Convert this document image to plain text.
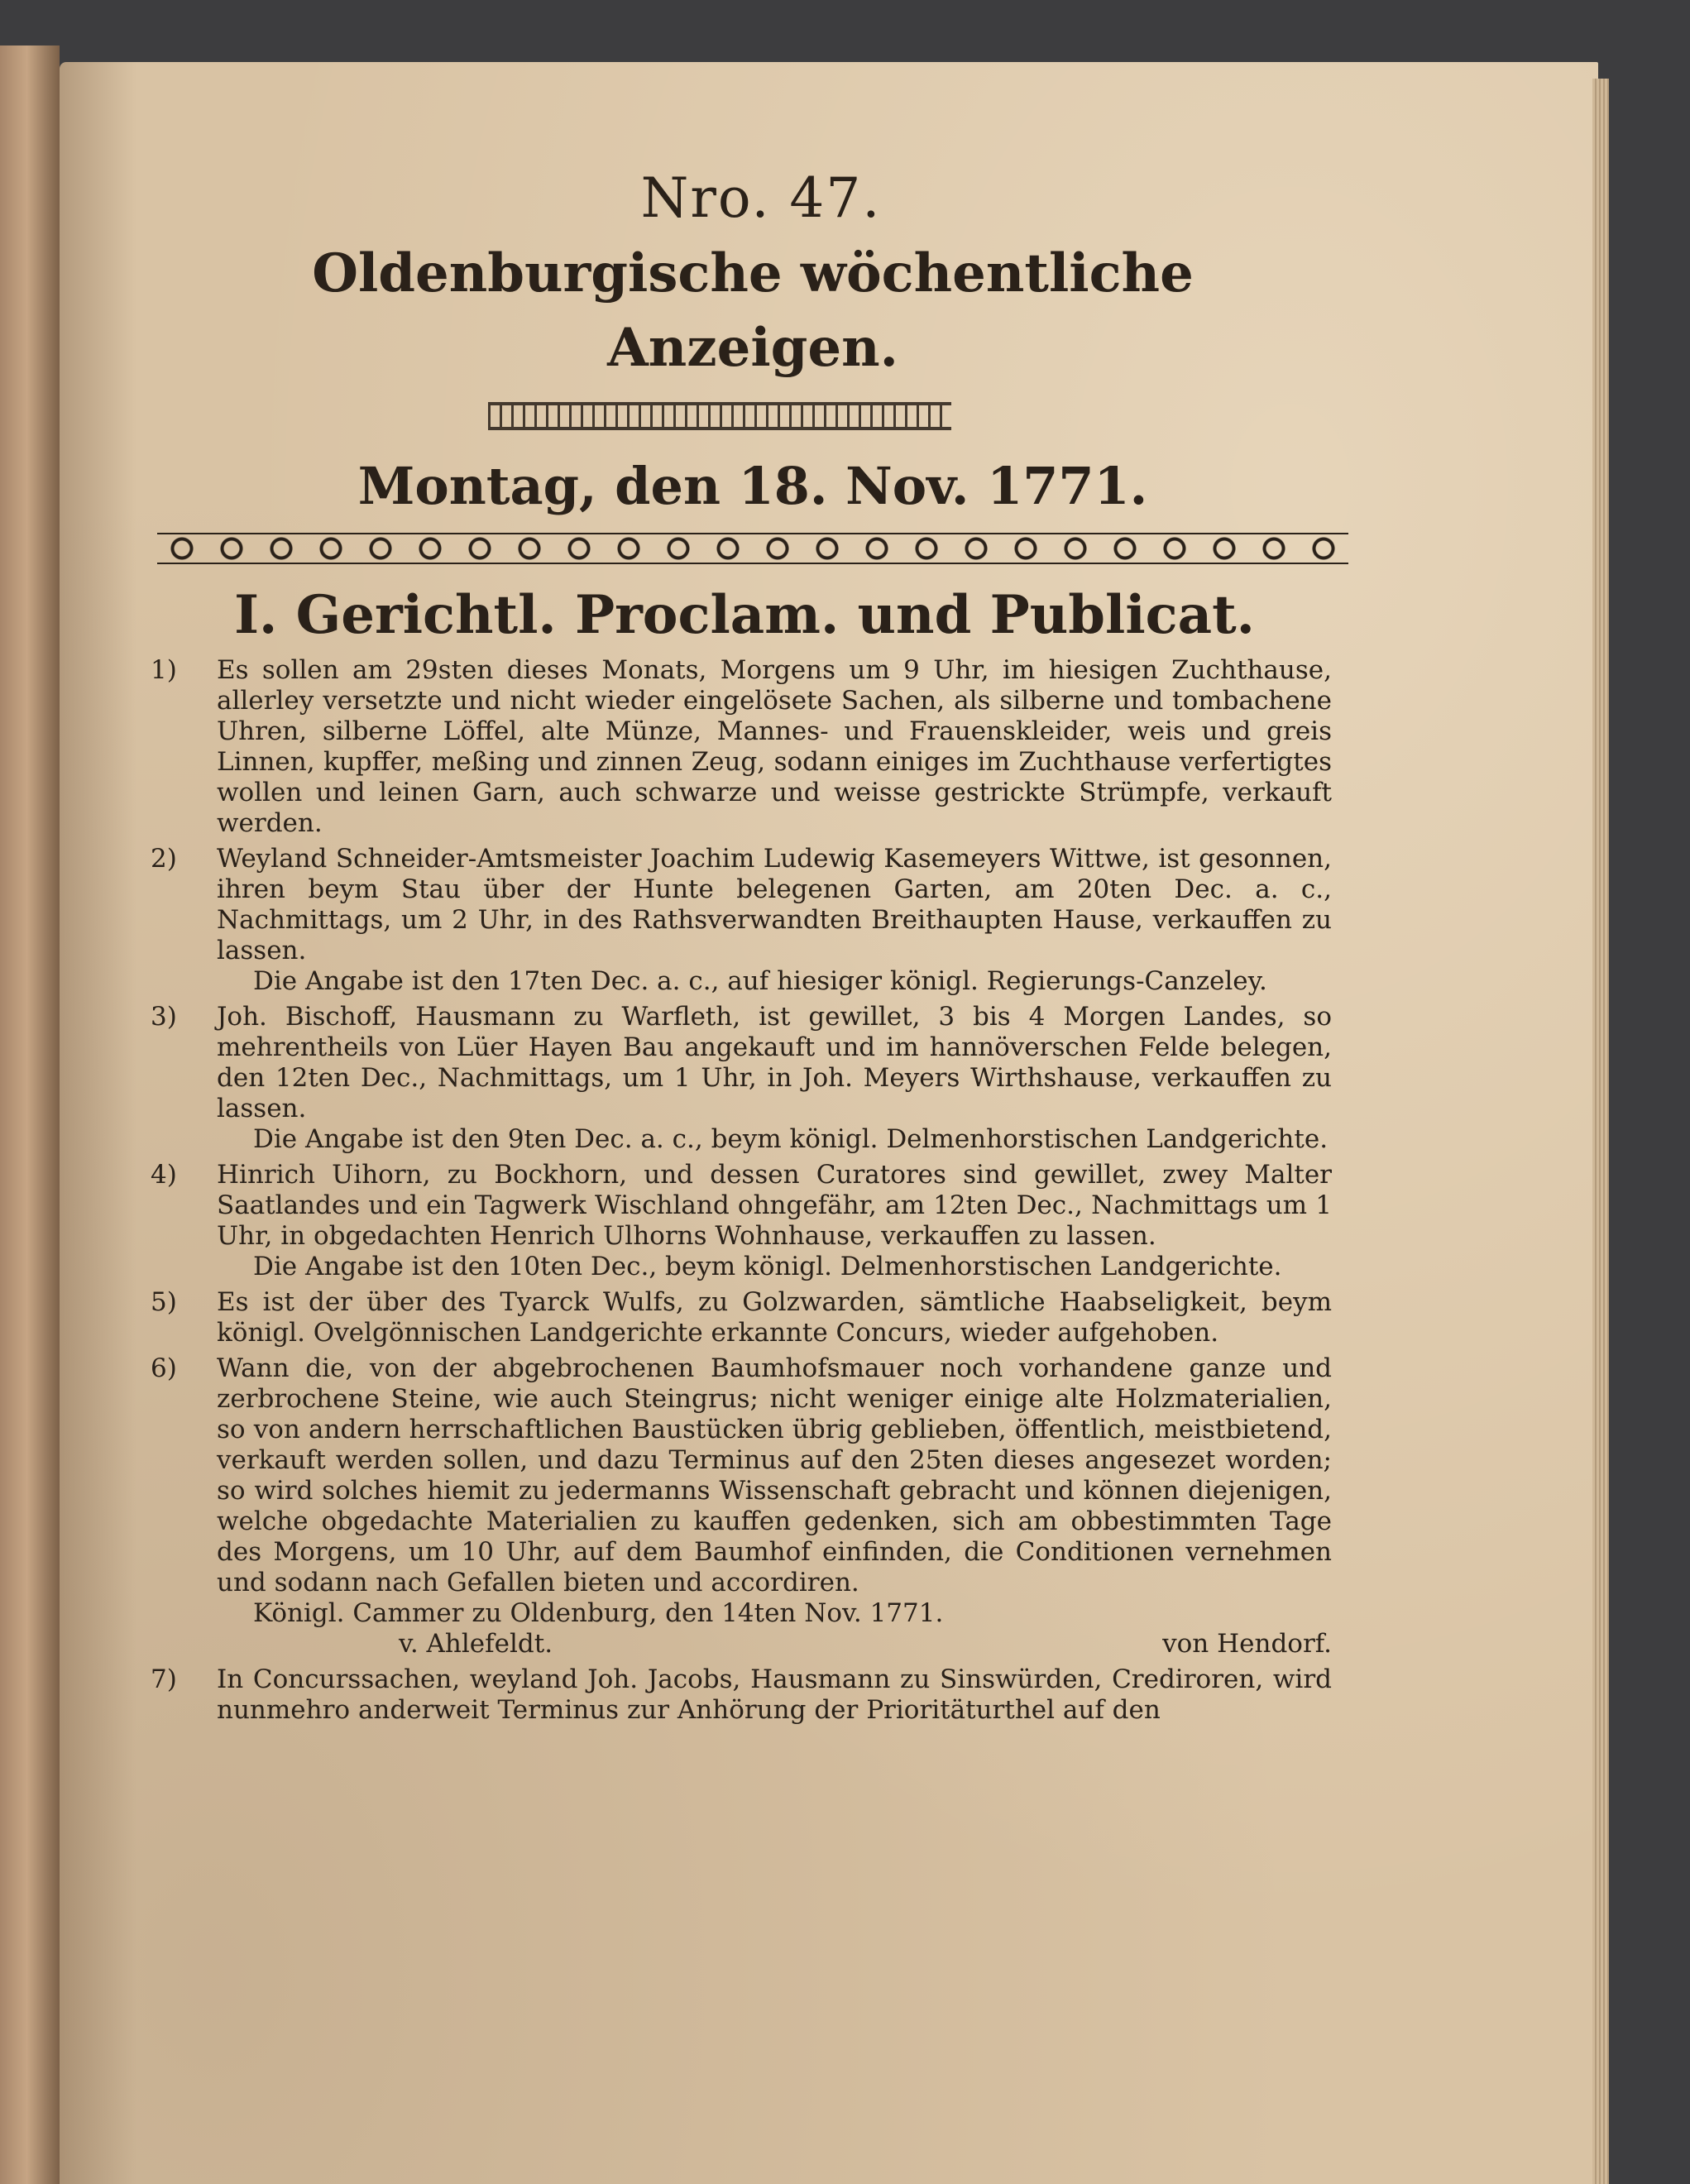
Nro. 47.
Oldenburgische wöchentliche Anzeigen.
Montag, den 18. Nov. 1771.
I. Gerichtl. Proclam. und Publicat.
1)	Es sollen am 29sten dieses Monats, Morgens um 9 Uhr, im hiesigen Zuchthause, allerley versetzte und nicht wieder eingelösete Sachen, als silberne und tombachene Uhren, silberne Löffel, alte Münze, Mannes- und Frauenskleider, weis und greis Linnen, kupffer, meßing und zinnen Zeug, sodann einiges im Zuchthause verfertigtes wollen und leinen Garn, auch schwarze und weisse gestrickte Strümpfe, verkauft werden.
2)	Weyland Schneider-Amtsmeister Joachim Ludewig Kasemeyers Wittwe, ist gesonnen, ihren beym Stau über der Hunte belegenen Garten, am 20ten Dec. a. c., Nachmittags, um 2 Uhr, in des Rathsverwandten Breithaupten Hause, verkauffen zu lassen.
Die Angabe ist den 17ten Dec. a. c., auf hiesiger königl. Regierungs-Canzeley.
3)	Joh. Bischoff, Hausmann zu Warfleth, ist gewillet, 3 bis 4 Morgen Landes, so mehrentheils von Lüer Hayen Bau angekauft und im hannöverschen Felde belegen, den 12ten Dec., Nachmittags, um 1 Uhr, in Joh. Meyers Wirthshause, verkauffen zu lassen.
Die Angabe ist den 9ten Dec. a. c., beym königl. Delmenhorstischen Landgerichte.
4)	Hinrich Uihorn, zu Bockhorn, und dessen Curatores sind gewillet, zwey Malter Saatlandes und ein Tagwerk Wischland ohngefähr, am 12ten Dec., Nachmittags um 1 Uhr, in obgedachten Henrich Ulhorns Wohnhause, verkauffen zu lassen.
Die Angabe ist den 10ten Dec., beym königl. Delmenhorstischen Landgerichte.
5)	Es ist der über des Tyarck Wulfs, zu Golzwarden, sämtliche Haabseligkeit, beym königl. Ovelgönnischen Landgerichte erkannte Concurs, wieder aufgehoben.
6)	Wann die, von der abgebrochenen Baumhofsmauer noch vorhandene ganze und zerbrochene Steine, wie auch Steingrus; nicht weniger einige alte Holzmaterialien, so von andern herrschaftlichen Baustücken übrig geblieben, öffentlich, meistbietend, verkauft werden sollen, und dazu Terminus auf den 25ten dieses angesezet worden; so wird solches hiemit zu jedermanns Wissenschaft gebracht und können diejenigen, welche obgedachte Materialien zu kauffen gedenken, sich am obbestimmten Tage des Morgens, um 10 Uhr, auf dem Baumhof einfinden, die Conditionen vernehmen und sodann nach Gefallen bieten und accordiren.
Königl. Cammer zu Oldenburg, den 14ten Nov. 1771.
v. Ahlefeldt.	von Hendorf.
7)	In Concurssachen, weyland Joh. Jacobs, Hausmann zu Sinswürden, Crediroren, wird nunmehro anderweit Terminus zur Anhörung der Prioritäturthel auf den
